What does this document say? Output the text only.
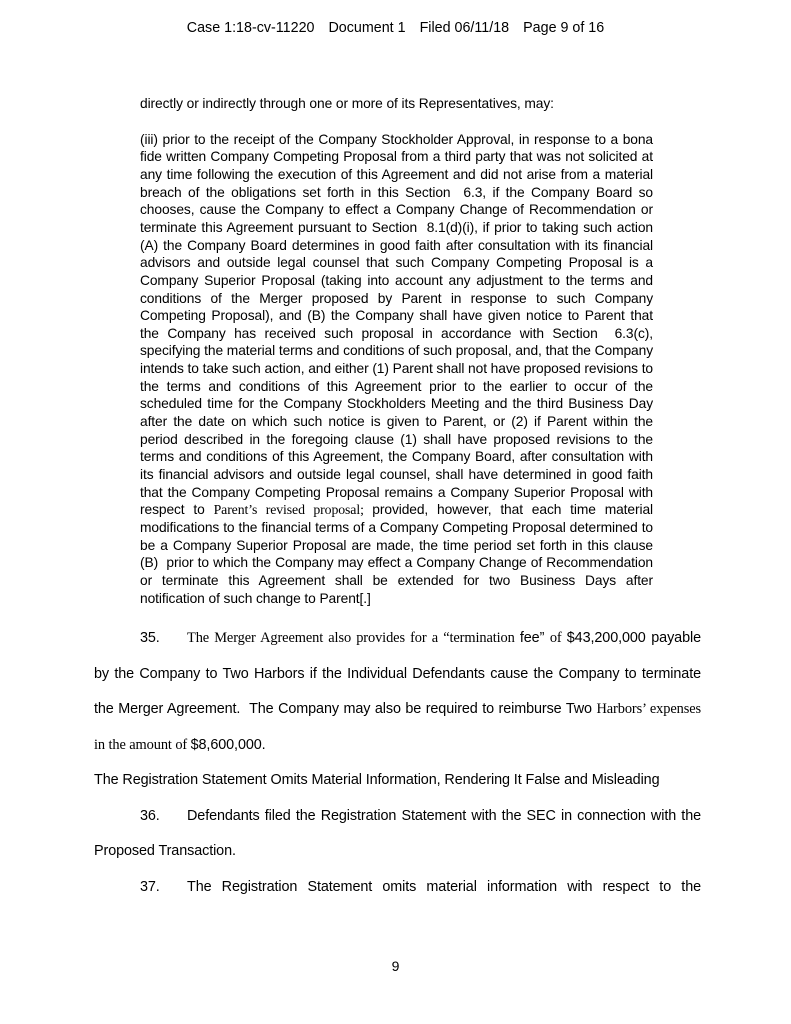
Case 1:18-cv-11220 Document 1 Filed 06/11/18 Page 9 of 16
directly or indirectly through one or more of its Representatives, may:
(iii) prior to the receipt of the Company Stockholder Approval, in response to a bona fide written Company Competing Proposal from a third party that was not solicited at any time following the execution of this Agreement and did not arise from a material breach of the obligations set forth in this Section  6.3, if the Company Board so chooses, cause the Company to effect a Company Change of Recommendation or terminate this Agreement pursuant to Section  8.1(d)(i), if prior to taking such action (A) the Company Board determines in good faith after consultation with its financial advisors and outside legal counsel that such Company Competing Proposal is a Company Superior Proposal (taking into account any adjustment to the terms and conditions of the Merger proposed by Parent in response to such Company Competing Proposal), and (B) the Company shall have given notice to Parent that the Company has received such proposal in accordance with Section  6.3(c), specifying the material terms and conditions of such proposal, and, that the Company intends to take such action, and either (1) Parent shall not have proposed revisions to the terms and conditions of this Agreement prior to the earlier to occur of the scheduled time for the Company Stockholders Meeting and the third Business Day after the date on which such notice is given to Parent, or (2) if Parent within the period described in the foregoing clause (1) shall have proposed revisions to the terms and conditions of this Agreement, the Company Board, after consultation with its financial advisors and outside legal counsel, shall have determined in good faith that the Company Competing Proposal remains a Company Superior Proposal with respect to Parent’s revised proposal; provided, however, that each time material modifications to the financial terms of a Company Competing Proposal determined to be a Company Superior Proposal are made, the time period set forth in this clause (B)  prior to which the Company may effect a Company Change of Recommendation or terminate this Agreement shall be extended for two Business Days after notification of such change to Parent[.]

35. The Merger Agreement also provides for a “termination fee” of $43,200,000 payable by the Company to Two Harbors if the Individual Defendants cause the Company to terminate the Merger Agreement.  The Company may also be required to reimburse Two Harbors’ expenses in the amount of $8,600,000.

The Registration Statement Omits Material Information, Rendering It False and Misleading

36. Defendants filed the Registration Statement with the SEC in connection with the Proposed Transaction.

37. The Registration Statement omits material information with respect to the

9
